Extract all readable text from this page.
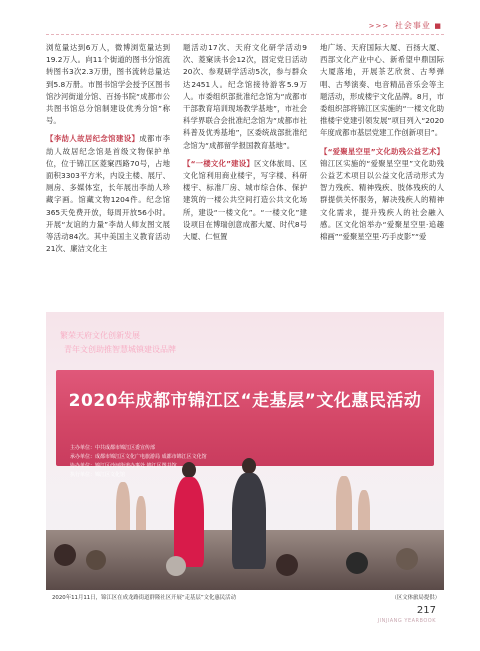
>>> 社会事业 ■

浏览量达到6万人，微博浏览量达到19.2万人。向11个街道的图书分馆流转图书3次2.3万册，图书流转总量达到5.8万册。市图书馆学会授予区图书馆沙河街道分馆、百扬书院“成都市公共图书馆总分馆制建设优秀分馆”称号。

【李劼人故居纪念馆建设】成都市李劼人故居纪念馆是首级文物保护单位，位于锦江区菱窠西路70号，占地面积3303平方米，内设主楼、展厅、厕房、多媒体室，长年展出李劼人珍藏字画。馆藏文物1204件。纪念馆365天免费开放，每周开放56小时。开展“友谊的力量”李劼人师友图文展等活动84次。其中美国主义教育活动21次、廉洁文化主

题活动17次、天府文化研学活动9次、菱窠读书会12次，固定党日活动20次、参观研学活动5次，参与群众达2451人。纪念馆接待游客5.9万人。市委组织部批准纪念馆为“成都市干部教育培训现场教学基地”，市社会科学界联合会批准纪念馆为“成都市社科普及优秀基地”，区委统战部批准纪念馆为“成都留学报国教育基地”。

【“一楼文化”建设】区文体旅局、区文化馆利用商业楼宇，写字楼、科研楼宇、标准厂房、城市综合体、保护建筑的一楼公共空间打造公共文化场所，建设“一楼文化”。“一楼文化”建设项目在博瑞创意成都大厦、时代8号大厦、仁恒置

地广场、天府国际大厦、百扬大厦、西部文化产业中心、新希望中鼎国际大厦落地，开展茶艺欣赏、古琴弹唱、古琴演奏、电音精品音乐会等主题活动，形成楼宇文化品牌。8月，市委组织部将锦江区实施的“一楼文化助推楼宇党建引领发展”项目列入“2020年度成都市基层党建工作创新项目”。

【“爱聚星空里”文化助残公益艺术】锦江区实施的“爱聚星空里”文化助残公益艺术项目以公益文化活动形式为智力残疾、精神残疾、肢体残疾的人群提供关怀服务，解决残疾人的精神文化需求，提升残疾人的社会融入感。区文化馆举办“爱聚星空里·追趣棉画”“爱聚星空里·巧手皮影”“爱

繁荣天府文化创新发展
青年文创助推智慧城镇建设品牌
2020年成都市锦江区“走基层”文化惠民活动
主办单位：中共成都市锦江区委宣传部
承办单位：成都市锦江区文化广电旅游局 成都市锦江区文化馆
协办单位：锦江区沙河街道办事处 锦江区图书馆
执行单位：锦江区文化馆
2020年11月11日，锦江区在成龙路街道群隆社区开展“走基层”文化惠民活动	（区文体旅局提供）
217
JINJIANG YEARBOOK
